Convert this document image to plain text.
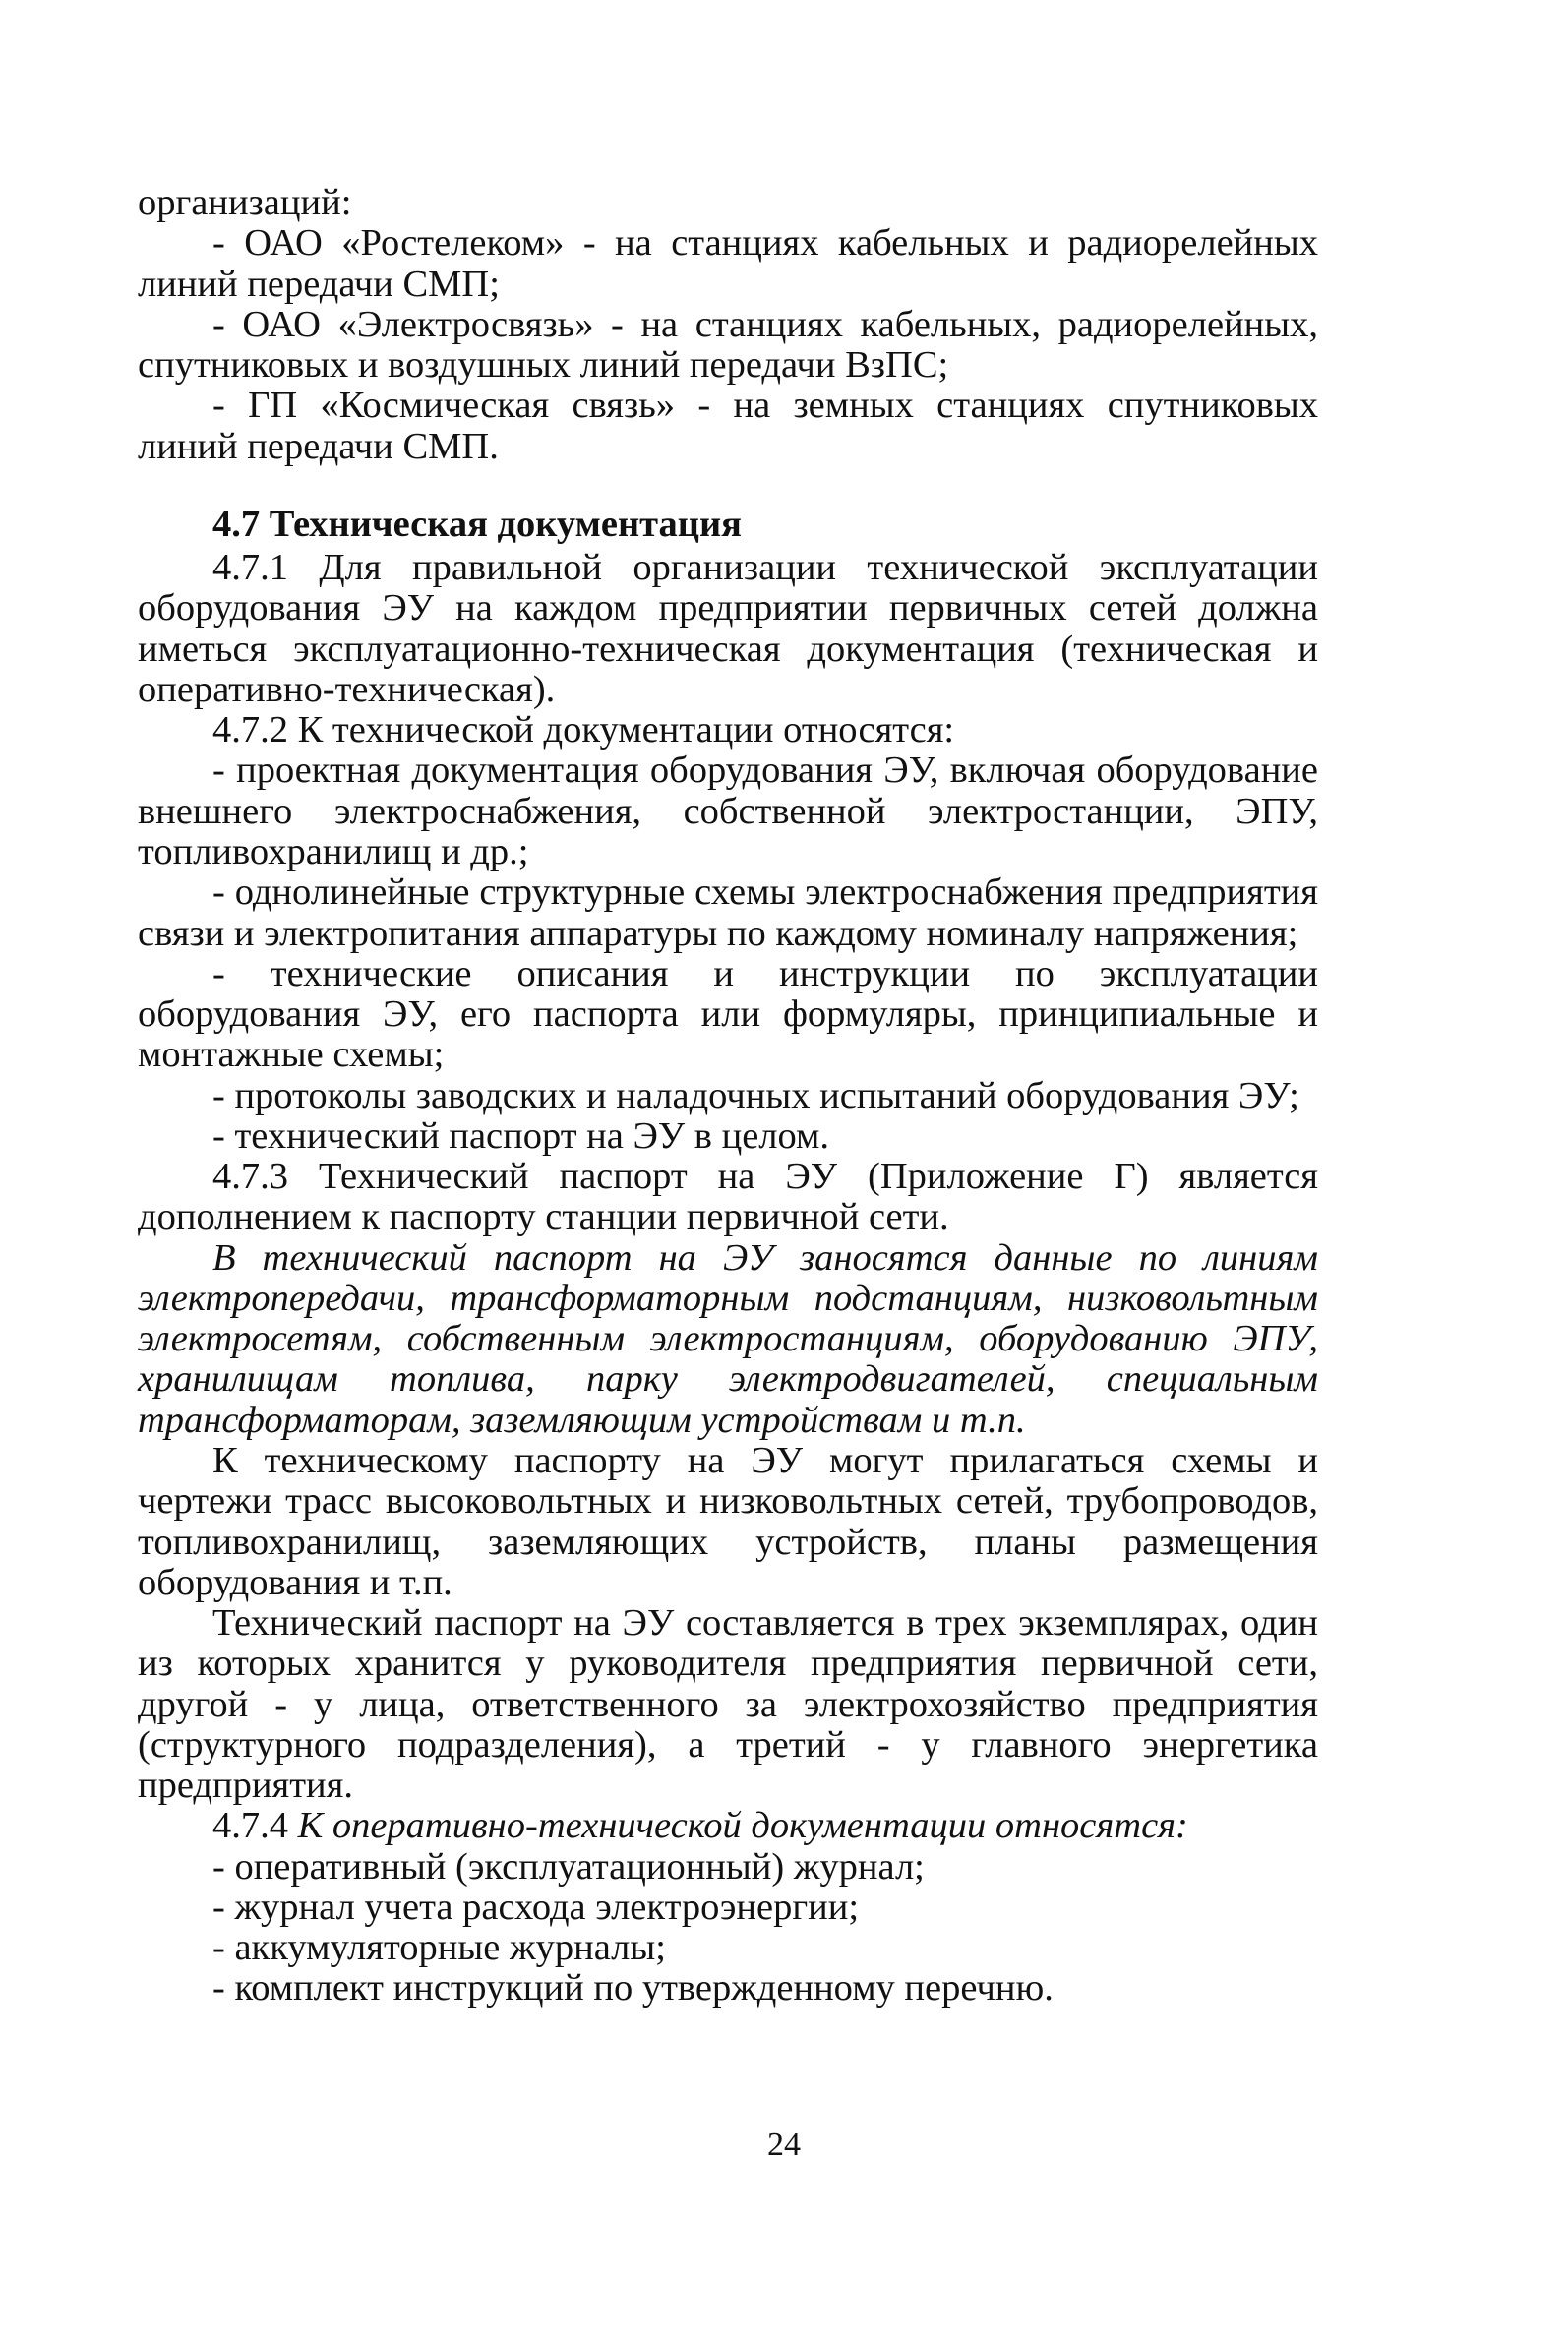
организаций:

- ОАО «Ростелеком» - на станциях кабельных и радиорелейных линий передачи СМП;

- ОАО «Электросвязь» - на станциях кабельных, радиорелейных, спутниковых и воздушных линий передачи ВзПС;

- ГП «Космическая связь» - на земных станциях спутниковых линий передачи СМП.

4.7 Техническая документация

4.7.1 Для правильной организации технической эксплуатации оборудования ЭУ на каждом предприятии первичных сетей должна иметься эксплуатационно-техническая документация (техническая и оперативно-техническая).

4.7.2 К технической документации относятся:

- проектная документация оборудования ЭУ, включая оборудование внешнего электроснабжения, собственной электростанции, ЭПУ, топливохранилищ и др.;

- однолинейные структурные схемы электроснабжения предприятия связи и электропитания аппаратуры по каждому номиналу напряжения;

- технические описания и инструкции по эксплуатации оборудования ЭУ, его паспорта или формуляры, принципиальные и монтажные схемы;

- протоколы заводских и наладочных испытаний оборудования ЭУ;

- технический паспорт на ЭУ в целом.

4.7.3 Технический паспорт на ЭУ (Приложение Г) является дополнением к паспорту станции первичной сети.

В технический паспорт на ЭУ заносятся данные по линиям электропередачи, трансформаторным подстанциям, низковольтным электросетям, собственным электростанциям, оборудованию ЭПУ, хранилищам топлива, парку электродвигателей, специальным трансформаторам, заземляющим устройствам и т.п.

К техническому паспорту на ЭУ могут прилагаться схемы и чертежи трасс высоковольтных и низковольтных сетей, трубопроводов, топливохранилищ, заземляющих устройств, планы размещения оборудования и т.п.

Технический паспорт на ЭУ составляется в трех экземплярах, один из которых хранится у руководителя предприятия первичной сети, другой - у лица, ответственного за электрохозяйство предприятия (структурного подразделения), а третий - у главного энергетика предприятия.

4.7.4 К оперативно-технической документации относятся:

- оперативный (эксплуатационный) журнал;

- журнал учета расхода электроэнергии;

- аккумуляторные журналы;

- комплект инструкций по утвержденному перечню.

24
